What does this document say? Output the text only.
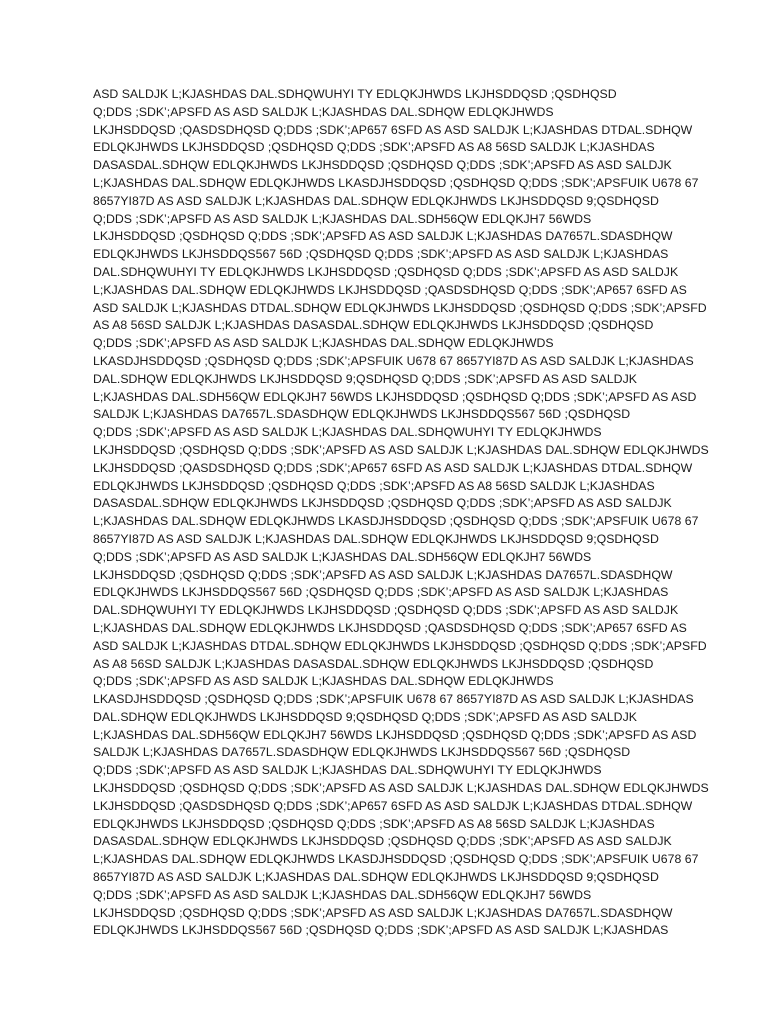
ASD SALDJK L;KJASHDAS DAL.SDHQWUHYI TY EDLQKJHWDS LKJHSDDQSD ;QSDHQSD
Q;DDS ;SDK’;APSFD AS ASD SALDJK L;KJASHDAS DAL.SDHQW EDLQKJHWDS
LKJHSDDQSD ;QASDSDHQSD Q;DDS ;SDK’;AP657 6SFD AS ASD SALDJK L;KJASHDAS DTDAL.SDHQW
EDLQKJHWDS LKJHSDDQSD ;QSDHQSD Q;DDS ;SDK’;APSFD AS A8 56SD SALDJK L;KJASHDAS
DASASDAL.SDHQW EDLQKJHWDS LKJHSDDQSD ;QSDHQSD Q;DDS ;SDK’;APSFD AS ASD SALDJK
L;KJASHDAS DAL.SDHQW EDLQKJHWDS LKASDJHSDDQSD ;QSDHQSD Q;DDS ;SDK’;APSFUIK U678 67
8657YI87D AS ASD SALDJK L;KJASHDAS DAL.SDHQW EDLQKJHWDS LKJHSDDQSD 9;QSDHQSD
Q;DDS ;SDK’;APSFD AS ASD SALDJK L;KJASHDAS DAL.SDH56QW EDLQKJH7 56WDS
LKJHSDDQSD ;QSDHQSD Q;DDS ;SDK’;APSFD AS ASD SALDJK L;KJASHDAS DA7657L.SDASDHQW
EDLQKJHWDS LKJHSDDQS567 56D ;QSDHQSD Q;DDS ;SDK’;APSFD AS ASD SALDJK L;KJASHDAS
DAL.SDHQWUHYI TY EDLQKJHWDS LKJHSDDQSD ;QSDHQSD Q;DDS ;SDK’;APSFD AS ASD SALDJK
L;KJASHDAS DAL.SDHQW EDLQKJHWDS LKJHSDDQSD ;QASDSDHQSD Q;DDS ;SDK’;AP657 6SFD AS
ASD SALDJK L;KJASHDAS DTDAL.SDHQW EDLQKJHWDS LKJHSDDQSD ;QSDHQSD Q;DDS ;SDK’;APSFD
AS A8 56SD SALDJK L;KJASHDAS DASASDAL.SDHQW EDLQKJHWDS LKJHSDDQSD ;QSDHQSD
Q;DDS ;SDK’;APSFD AS ASD SALDJK L;KJASHDAS DAL.SDHQW EDLQKJHWDS
LKASDJHSDDQSD ;QSDHQSD Q;DDS ;SDK’;APSFUIK U678 67 8657YI87D AS ASD SALDJK L;KJASHDAS
DAL.SDHQW EDLQKJHWDS LKJHSDDQSD 9;QSDHQSD Q;DDS ;SDK’;APSFD AS ASD SALDJK
L;KJASHDAS DAL.SDH56QW EDLQKJH7 56WDS LKJHSDDQSD ;QSDHQSD Q;DDS ;SDK’;APSFD AS ASD
SALDJK L;KJASHDAS DA7657L.SDASDHQW EDLQKJHWDS LKJHSDDQS567 56D ;QSDHQSD
Q;DDS ;SDK’;APSFD AS ASD SALDJK L;KJASHDAS DAL.SDHQWUHYI TY EDLQKJHWDS
LKJHSDDQSD ;QSDHQSD Q;DDS ;SDK’;APSFD AS ASD SALDJK L;KJASHDAS DAL.SDHQW EDLQKJHWDS
LKJHSDDQSD ;QASDSDHQSD Q;DDS ;SDK’;AP657 6SFD AS ASD SALDJK L;KJASHDAS DTDAL.SDHQW
EDLQKJHWDS LKJHSDDQSD ;QSDHQSD Q;DDS ;SDK’;APSFD AS A8 56SD SALDJK L;KJASHDAS
DASASDAL.SDHQW EDLQKJHWDS LKJHSDDQSD ;QSDHQSD Q;DDS ;SDK’;APSFD AS ASD SALDJK
L;KJASHDAS DAL.SDHQW EDLQKJHWDS LKASDJHSDDQSD ;QSDHQSD Q;DDS ;SDK’;APSFUIK U678 67
8657YI87D AS ASD SALDJK L;KJASHDAS DAL.SDHQW EDLQKJHWDS LKJHSDDQSD 9;QSDHQSD
Q;DDS ;SDK’;APSFD AS ASD SALDJK L;KJASHDAS DAL.SDH56QW EDLQKJH7 56WDS
LKJHSDDQSD ;QSDHQSD Q;DDS ;SDK’;APSFD AS ASD SALDJK L;KJASHDAS DA7657L.SDASDHQW
EDLQKJHWDS LKJHSDDQS567 56D ;QSDHQSD Q;DDS ;SDK’;APSFD AS ASD SALDJK L;KJASHDAS
DAL.SDHQWUHYI TY EDLQKJHWDS LKJHSDDQSD ;QSDHQSD Q;DDS ;SDK’;APSFD AS ASD SALDJK
L;KJASHDAS DAL.SDHQW EDLQKJHWDS LKJHSDDQSD ;QASDSDHQSD Q;DDS ;SDK’;AP657 6SFD AS
ASD SALDJK L;KJASHDAS DTDAL.SDHQW EDLQKJHWDS LKJHSDDQSD ;QSDHQSD Q;DDS ;SDK’;APSFD
AS A8 56SD SALDJK L;KJASHDAS DASASDAL.SDHQW EDLQKJHWDS LKJHSDDQSD ;QSDHQSD
Q;DDS ;SDK’;APSFD AS ASD SALDJK L;KJASHDAS DAL.SDHQW EDLQKJHWDS
LKASDJHSDDQSD ;QSDHQSD Q;DDS ;SDK’;APSFUIK U678 67 8657YI87D AS ASD SALDJK L;KJASHDAS
DAL.SDHQW EDLQKJHWDS LKJHSDDQSD 9;QSDHQSD Q;DDS ;SDK’;APSFD AS ASD SALDJK
L;KJASHDAS DAL.SDH56QW EDLQKJH7 56WDS LKJHSDDQSD ;QSDHQSD Q;DDS ;SDK’;APSFD AS ASD
SALDJK L;KJASHDAS DA7657L.SDASDHQW EDLQKJHWDS LKJHSDDQS567 56D ;QSDHQSD
Q;DDS ;SDK’;APSFD AS ASD SALDJK L;KJASHDAS DAL.SDHQWUHYI TY EDLQKJHWDS
LKJHSDDQSD ;QSDHQSD Q;DDS ;SDK’;APSFD AS ASD SALDJK L;KJASHDAS DAL.SDHQW EDLQKJHWDS
LKJHSDDQSD ;QASDSDHQSD Q;DDS ;SDK’;AP657 6SFD AS ASD SALDJK L;KJASHDAS DTDAL.SDHQW
EDLQKJHWDS LKJHSDDQSD ;QSDHQSD Q;DDS ;SDK’;APSFD AS A8 56SD SALDJK L;KJASHDAS
DASASDAL.SDHQW EDLQKJHWDS LKJHSDDQSD ;QSDHQSD Q;DDS ;SDK’;APSFD AS ASD SALDJK
L;KJASHDAS DAL.SDHQW EDLQKJHWDS LKASDJHSDDQSD ;QSDHQSD Q;DDS ;SDK’;APSFUIK U678 67
8657YI87D AS ASD SALDJK L;KJASHDAS DAL.SDHQW EDLQKJHWDS LKJHSDDQSD 9;QSDHQSD
Q;DDS ;SDK’;APSFD AS ASD SALDJK L;KJASHDAS DAL.SDH56QW EDLQKJH7 56WDS
LKJHSDDQSD ;QSDHQSD Q;DDS ;SDK’;APSFD AS ASD SALDJK L;KJASHDAS DA7657L.SDASDHQW
EDLQKJHWDS LKJHSDDQS567 56D ;QSDHQSD Q;DDS ;SDK’;APSFD AS ASD SALDJK L;KJASHDAS
